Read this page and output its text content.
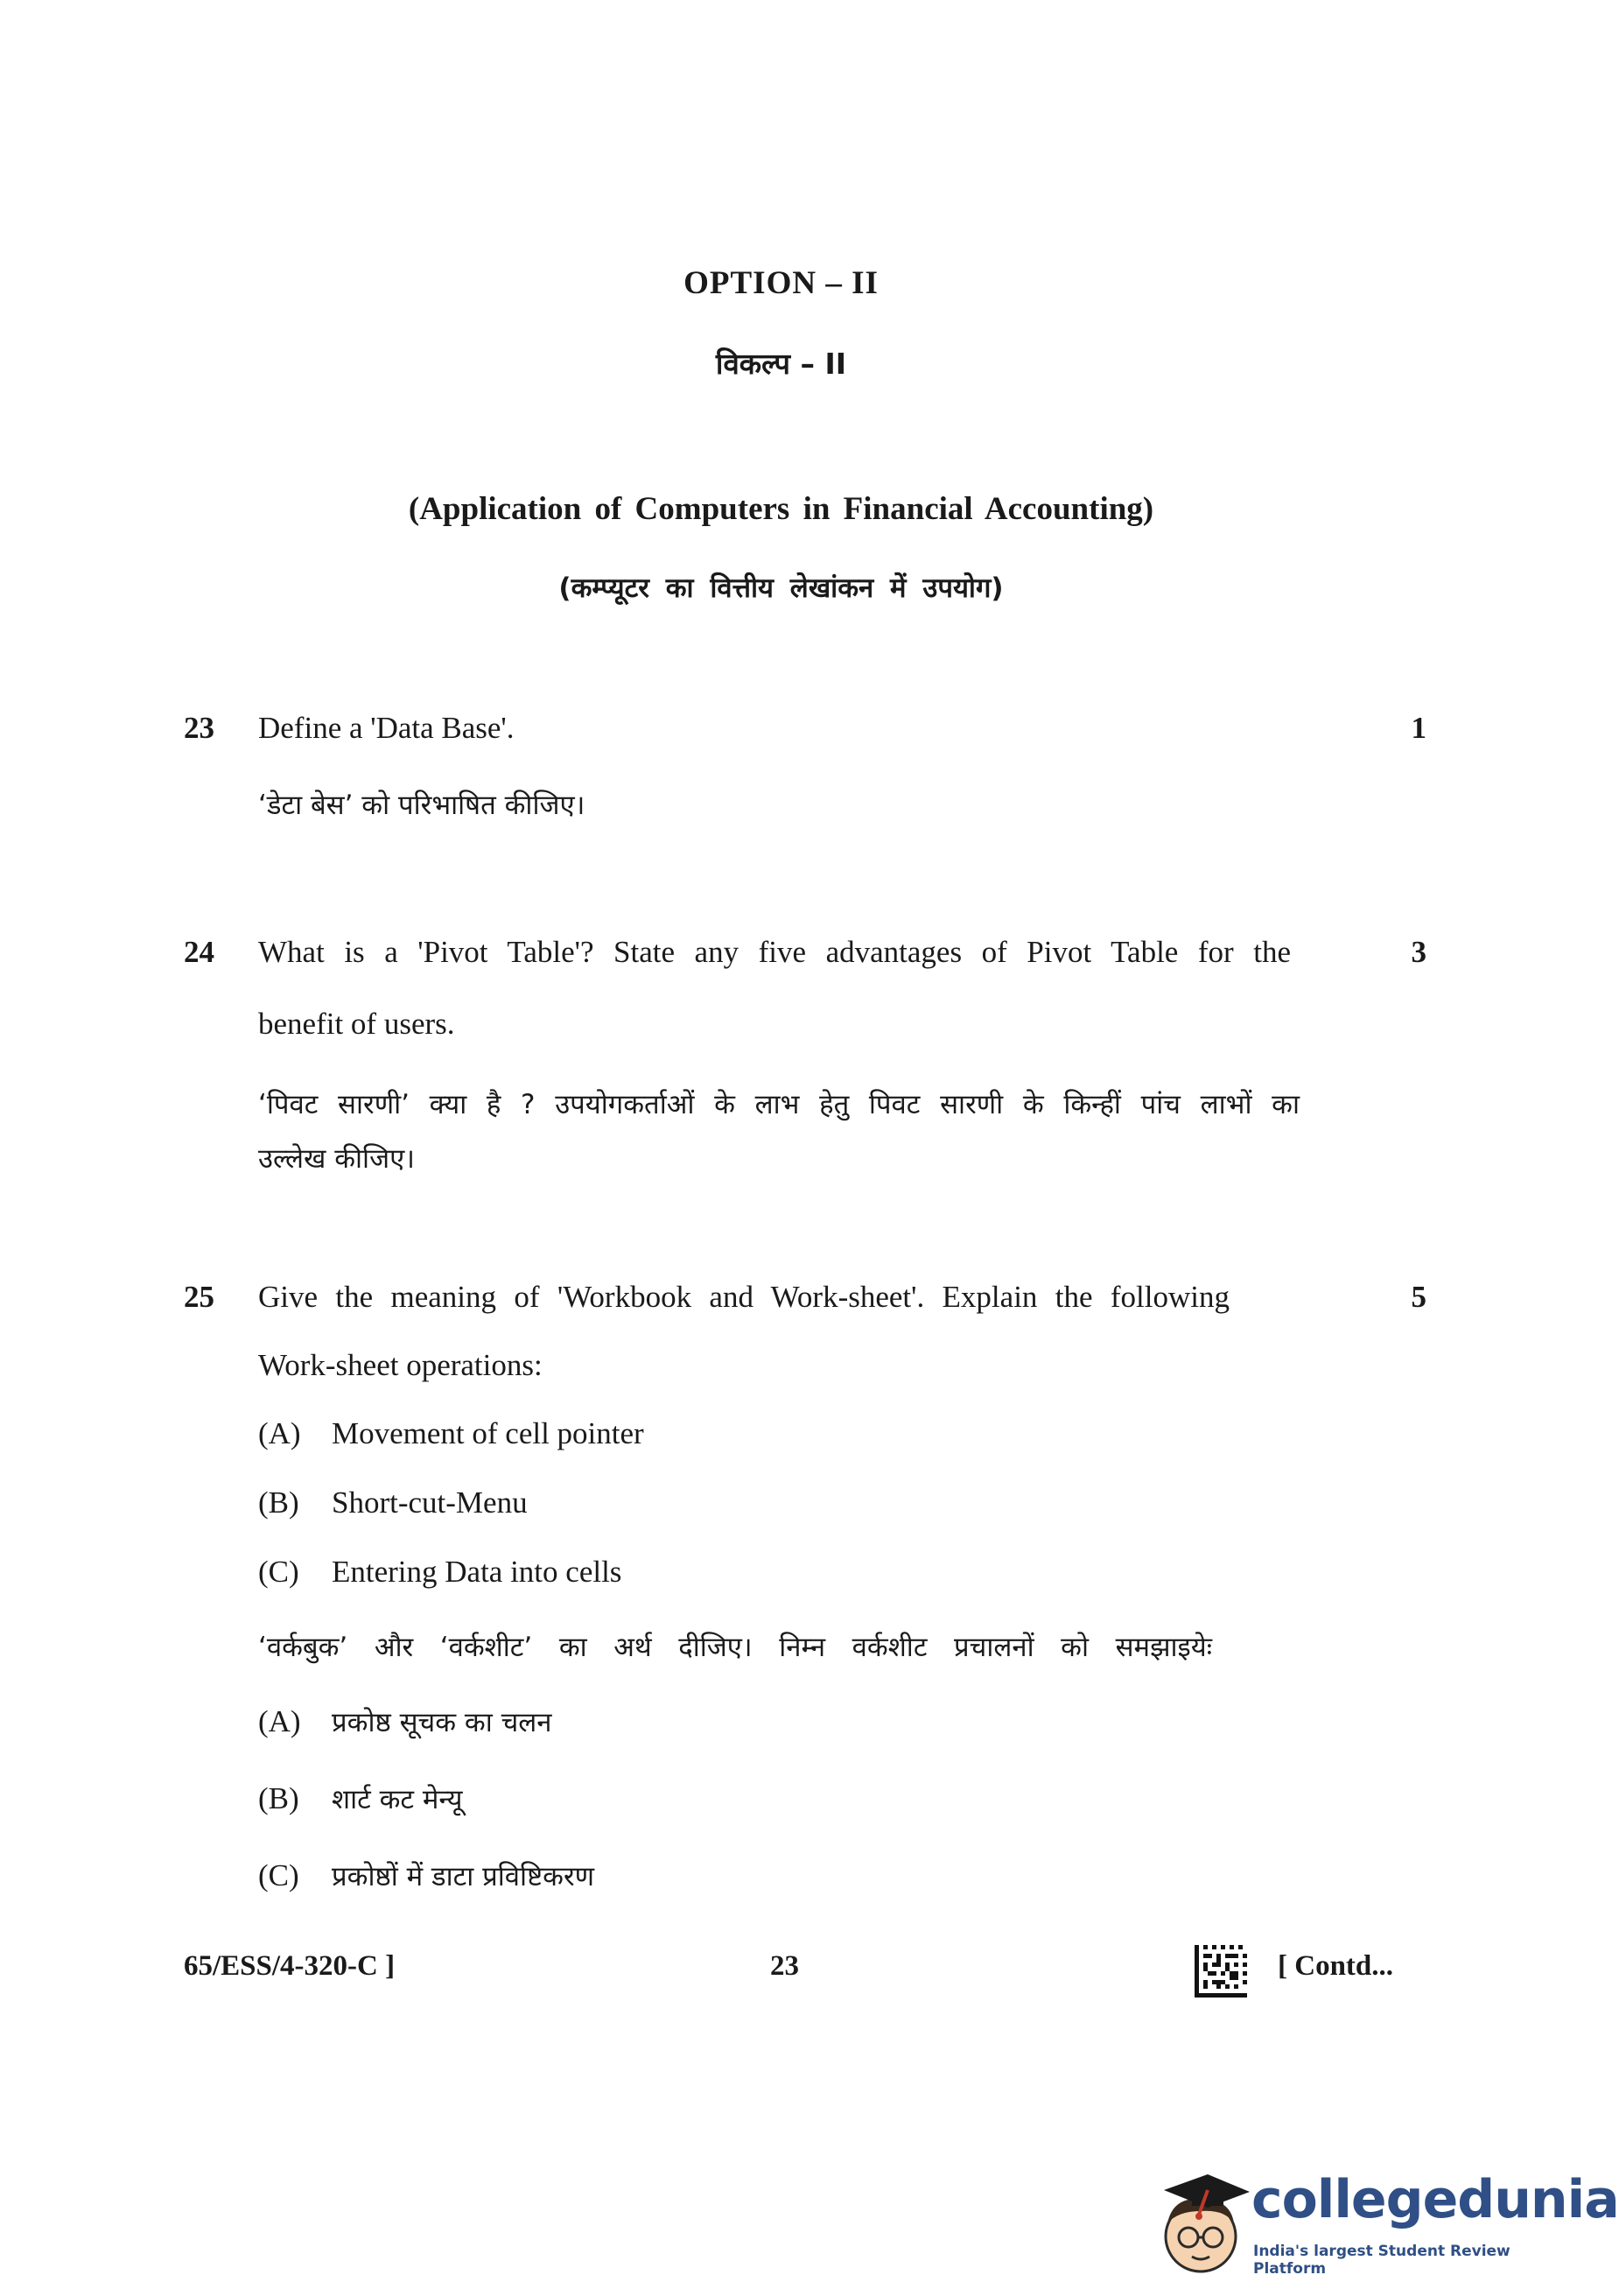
OPTION – II
विकल्प – II
(Application of Computers in Financial Accounting)
(कम्प्यूटर का वित्तीय लेखांकन में उपयोग)
23	1
Define a 'Data Base'.
‘डेटा बेस’ को परिभाषित कीजिए।
24	3
What is a 'Pivot Table'? State any five advantages of Pivot Table for the
benefit of users.
‘पिवट सारणी’ क्या है ? उपयोगकर्ताओं के लाभ हेतु पिवट सारणी के किन्हीं पांच लाभों का
उल्लेख कीजिए।
25	5
Give the meaning of 'Workbook and Work-sheet'. Explain the following
Work-sheet operations:
(A) Movement of cell pointer
(B) Short-cut-Menu
(C) Entering Data into cells
‘वर्कबुक’ और ‘वर्कशीट’ का अर्थ दीजिए। निम्न वर्कशीट प्रचालनों को समझाइयेः
(A) प्रकोष्ठ सूचक का चलन
(B) शार्ट कट मेन्यू
(C) प्रकोष्ठों में डाटा प्रविष्टिकरण
65/ESS/4-320-C ]	23	[ Contd...
collegedunia
India's largest Student Review Platform
